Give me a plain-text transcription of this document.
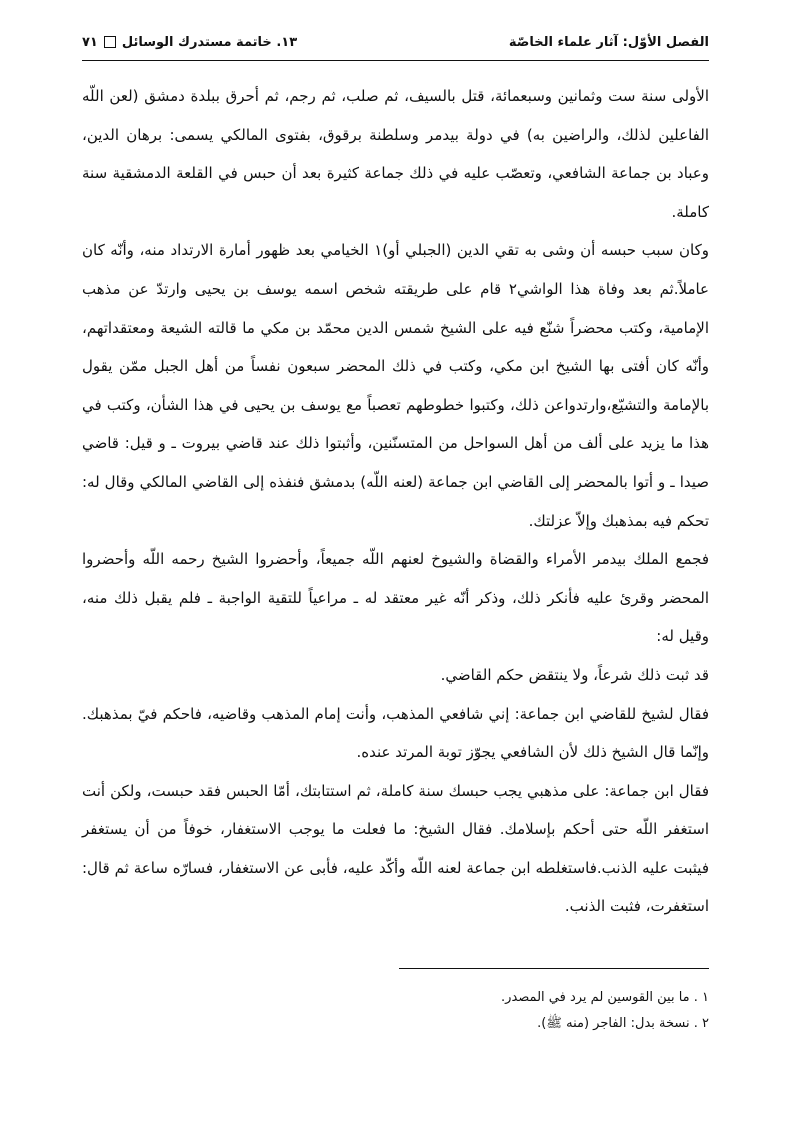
الفصل الأوّل: آثار علماء الخاصّة
١٣. خاتمة مستدرك الوسائل
٧١

الأولى سنة ست وثمانين وسبعمائة، قتل بالسيف، ثم صلب، ثم رجم، ثم أحرق ببلدة دمشق (لعن اللّه الفاعلين لذلك، والراضين به) في دولة بيدمر وسلطنة برقوق، بفتوى المالكي يسمى: برهان الدين، وعباد بن جماعة الشافعي، وتعصّب عليه في ذلك جماعة كثيرة بعد أن حبس في القلعة الدمشقية سنة كاملة.

وكان سبب حبسه أن وشى به تقي الدين (الجبلي أو)١ الخيامي بعد ظهور أمارة الارتداد منه، وأنّه كان عاملاً.ثم بعد وفاة هذا الواشي٢ قام على طريقته شخص اسمه يوسف بن يحيى وارتدّ عن مذهب الإمامية، وكتب محضراً شنّع فيه على الشيخ شمس الدين محمّد بن مكي ما قالته الشيعة ومعتقداتهم، وأنّه كان أفتى بها الشيخ ابن مكي، وكتب في ذلك المحضر سبعون نفساً من أهل الجبل ممّن يقول بالإمامة والتشيّع،وارتدواعن ذلك، وكتبوا خطوطهم تعصباً مع يوسف بن يحيى في هذا الشأن، وكتب في هذا ما يزيد على ألف من أهل السواحل من المتسنّنين، وأثبتوا ذلك عند قاضي بيروت ـ و قيل: قاضي صيدا ـ و أتوا بالمحضر إلى القاضي ابن جماعة (لعنه اللّه) بدمشق فنفذه إلى القاضي المالكي وقال له: تحكم فيه بمذهبك وإلاّ عزلتك.

فجمع الملك بيدمر الأمراء والقضاة والشيوخ لعنهم اللّه جميعاً، وأحضروا الشيخ رحمه اللّه وأحضروا المحضر وقرئ عليه فأنكر ذلك، وذكر أنّه غير معتقد له ـ مراعياً للتقية الواجبة ـ فلم يقبل ذلك منه، وقيل له:

قد ثبت ذلك شرعاً، ولا ينتقض حكم القاضي.

فقال لشيخ للقاضي ابن جماعة: إني شافعي المذهب، وأنت إمام المذهب وقاضيه، فاحكم فيّ بمذهبك. وإنّما قال الشيخ ذلك لأن الشافعي يجوّز توبة المرتد عنده.

فقال ابن جماعة: على مذهبي يجب حبسك سنة كاملة، ثم استتابتك، أمّا الحبس فقد حبست، ولكن أنت استغفر اللّه حتى أحكم بإسلامك. فقال الشيخ: ما فعلت ما يوجب الاستغفار، خوفاً من أن يستغفر فيثبت عليه الذنب.فاستغلطه ابن جماعة لعنه اللّه وأكّد عليه، فأبى عن الاستغفار، فسارّه ساعة ثم قال: استغفرت، فثبت الذنب.

١ . ما بين القوسين لم يرد في المصدر.

٢ . نسخة بدل: الفاجر (منه ﷺ).
